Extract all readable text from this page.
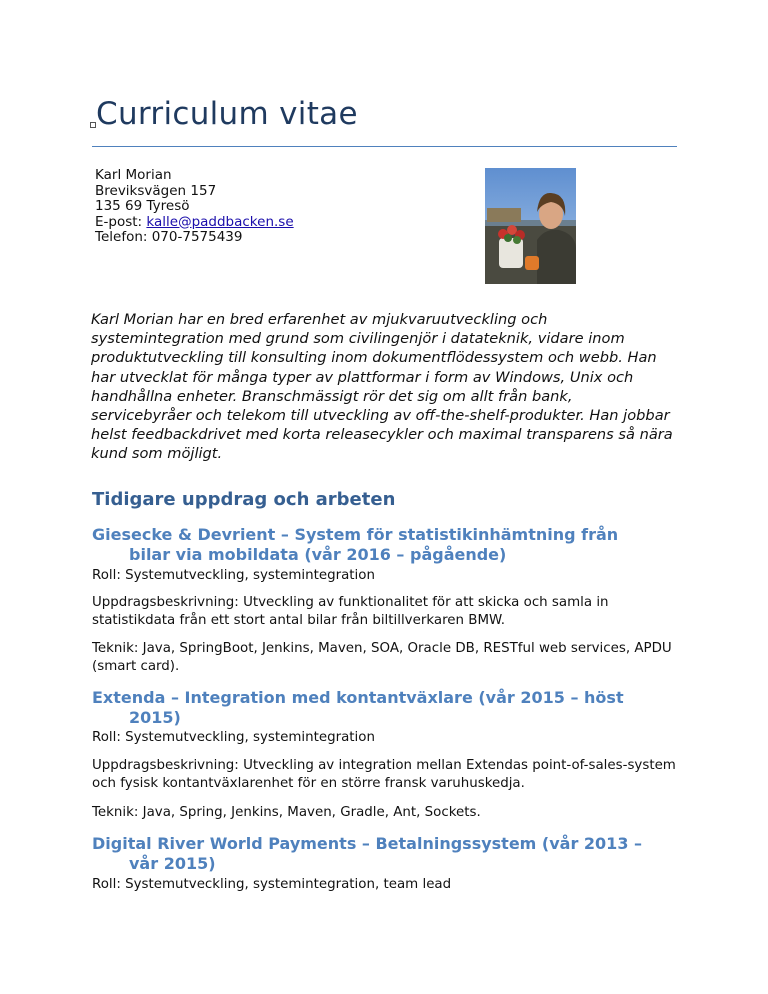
Curriculum vitae
Karl Morian
Breviksvägen 157
135 69 Tyresö
E-post: kalle@paddbacken.se
Telefon: 070-7575439
Karl Morian har en bred erfarenhet av mjukvaruutveckling och systemintegration med grund som civilingenjör i datateknik, vidare inom produktutveckling till konsulting inom dokumentflödessystem och webb. Han har utvecklat för många typer av plattformar i form av Windows, Unix och handhållna enheter. Branschmässigt rör det sig om allt från bank, servicebyråer och telekom till utveckling av off-the-shelf-produkter. Han jobbar helst feedbackdrivet med korta releasecykler och maximal transparens så nära kund som möjligt.
Tidigare uppdrag och arbeten
Giesecke & Devrient – System för statistikinhämtning från
bilar via mobildata (vår 2016 – pågående)
Roll: Systemutveckling, systemintegration
Uppdragsbeskrivning: Utveckling av funktionalitet för att skicka och samla in statistikdata från ett stort antal bilar från biltillverkaren BMW.
Teknik: Java, SpringBoot, Jenkins, Maven, SOA, Oracle DB, RESTful web services, APDU (smart card).
Extenda – Integration med kontantväxlare (vår 2015 – höst
2015)
Roll: Systemutveckling, systemintegration
Uppdragsbeskrivning: Utveckling av integration mellan Extendas point-of-sales-system och fysisk kontantväxlarenhet för en större fransk varuhuskedja.
Teknik: Java, Spring, Jenkins, Maven, Gradle, Ant, Sockets.
Digital River World Payments – Betalningssystem (vår 2013 –
vår 2015)
Roll: Systemutveckling, systemintegration, team lead
